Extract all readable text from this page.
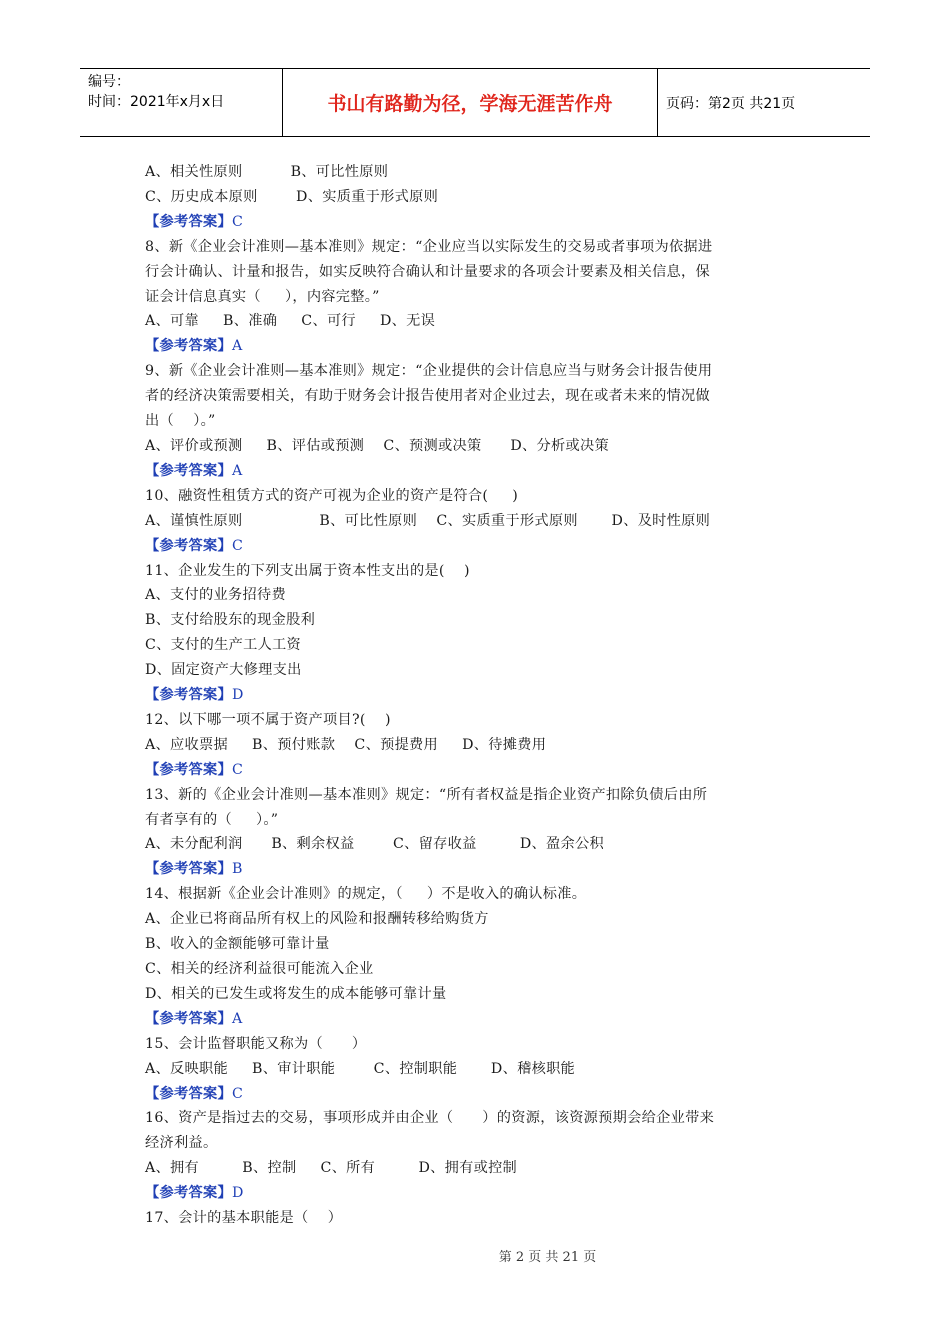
编号：
时间：2021年x月x日	书山有路勤为径，学海无涯苦作舟	页码：第2页 共21页
A、相关性原则          B、可比性原则
C、历史成本原则        D、实质重于形式原则
【参考答案】C
8、新《企业会计准则—基本准则》规定：“企业应当以实际发生的交易或者事项为依据进
行会计确认、计量和报告，如实反映符合确认和计量要求的各项会计要素及相关信息，保
证会计信息真实（     ），内容完整。”
A、可靠     B、准确     C、可行     D、无误
【参考答案】A
9、新《企业会计准则—基本准则》规定：“企业提供的会计信息应当与财务会计报告使用
者的经济决策需要相关，有助于财务会计报告使用者对企业过去，现在或者未来的情况做
出（    ）。”
A、评价或预测     B、评估或预测    C、预测或决策      D、分析或决策
【参考答案】A
10、融资性租赁方式的资产可视为企业的资产是符合(     )
A、谨慎性原则                B、可比性原则    C、实质重于形式原则       D、及时性原则
【参考答案】C
11、企业发生的下列支出属于资本性支出的是(    )
A、支付的业务招待费
B、支付给股东的现金股利
C、支付的生产工人工资
D、固定资产大修理支出
【参考答案】D
12、以下哪一项不属于资产项目?(    )
A、应收票据     B、预付账款    C、预提费用     D、待摊费用
【参考答案】C
13、新的《企业会计准则—基本准则》规定：“所有者权益是指企业资产扣除负债后由所
有者享有的（     ）。”
A、未分配利润      B、剩余权益        C、留存收益         D、盈余公积
【参考答案】B
14、根据新《企业会计准则》的规定，（     ）不是收入的确认标准。
A、企业已将商品所有权上的风险和报酬转移给购货方
B、收入的金额能够可靠计量
C、相关的经济利益很可能流入企业
D、相关的已发生或将发生的成本能够可靠计量
【参考答案】A
15、会计监督职能又称为（      ）
A、反映职能     B、审计职能        C、控制职能       D、稽核职能
【参考答案】C
16、资产是指过去的交易，事项形成并由企业（      ）的资源，该资源预期会给企业带来
经济利益。
A、拥有         B、控制     C、所有         D、拥有或控制
【参考答案】D
17、会计的基本职能是（    ）
第 2 页 共 21 页
